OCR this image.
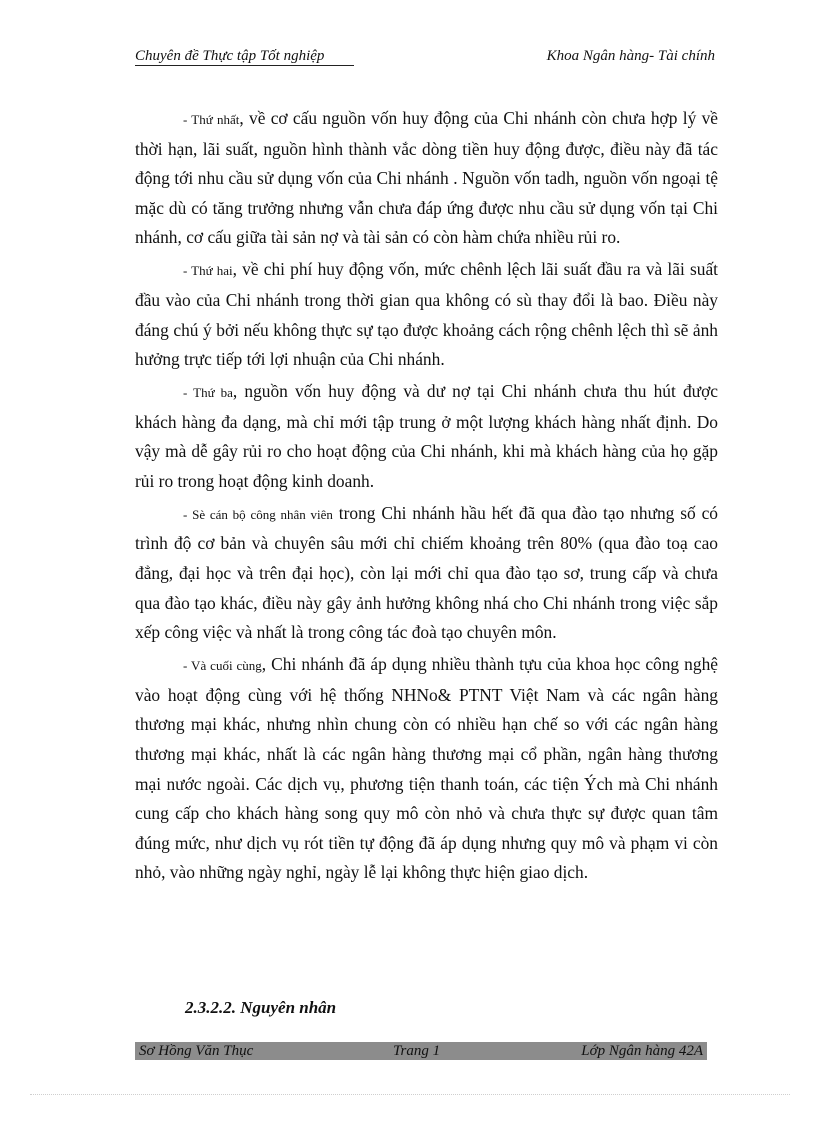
Chuyên đề Thực tập Tốt nghiệp	Khoa Ngân hàng- Tài chính

- Thứ nhất, về cơ cấu nguồn vốn huy động của Chi nhánh còn chưa hợp lý về thời hạn, lãi suất, nguồn hình thành vắc dòng tiền huy động được, điều này đã tác động tới nhu cầu sử dụng vốn của Chi nhánh . Nguồn vốn tadh, nguồn vốn ngoại tệ mặc dù có tăng trưởng nhưng vẫn chưa đáp ứng được nhu cầu sử dụng vốn tại Chi nhánh, cơ cấu giữa tài sản nợ và tài sản có còn hàm chứa nhiều rủi ro.

- Thứ hai, về chi phí huy động vốn, mức chênh lệch lãi suất đầu ra và lãi suất đầu vào của Chi nhánh trong thời gian qua không có sù thay đổi là bao. Điều này đáng chú ý bởi nếu không thực sự tạo được khoảng cách rộng chênh lệch thì sẽ ảnh hưởng trực tiếp tới lợi nhuận của Chi nhánh.

- Thứ ba, nguồn vốn huy động và dư nợ tại Chi nhánh chưa thu hút được khách hàng đa dạng, mà chỉ mới tập trung ở một lượng khách hàng nhất định. Do vậy mà dễ gây rủi ro cho hoạt động của Chi nhánh, khi mà khách hàng của họ gặp rủi ro trong hoạt động kinh doanh.

- Sè cán bộ công nhân viên trong Chi nhánh hầu hết đã qua đào tạo nhưng số có trình độ cơ bản và chuyên sâu mới chỉ chiếm khoảng trên 80% (qua đào toạ cao đẳng, đại học và trên đại học), còn lại mới chỉ qua đào tạo sơ, trung cấp và chưa qua đào tạo khác, điều này gây ảnh hưởng không nhá cho Chi nhánh trong việc sắp xếp công việc và nhất là trong công tác đoà tạo chuyên môn.

- Và cuối cùng, Chi nhánh đã áp dụng nhiều thành tựu của khoa học công nghệ vào hoạt động cùng với hệ thống NHNo& PTNT Việt Nam và các ngân hàng thương mại khác, nhưng nhìn chung còn có nhiều hạn chế so với các ngân hàng thương mại khác, nhất là các ngân hàng thương mại cổ phần, ngân hàng thương mại nước ngoài. Các dịch vụ, phương tiện thanh toán, các tiện Ých mà Chi nhánh cung cấp cho khách hàng song quy mô còn nhỏ và chưa thực sự được quan tâm đúng mức, như dịch vụ rót tiền tự động đã áp dụng nhưng quy mô và phạm vi còn nhỏ, vào những ngày nghỉ, ngày lễ lại không thực hiện giao dịch.

2.3.2.2. Nguyên nhân
Sơ Hồng Văn Thục	Trang 1	Lớp Ngân hàng 42A
